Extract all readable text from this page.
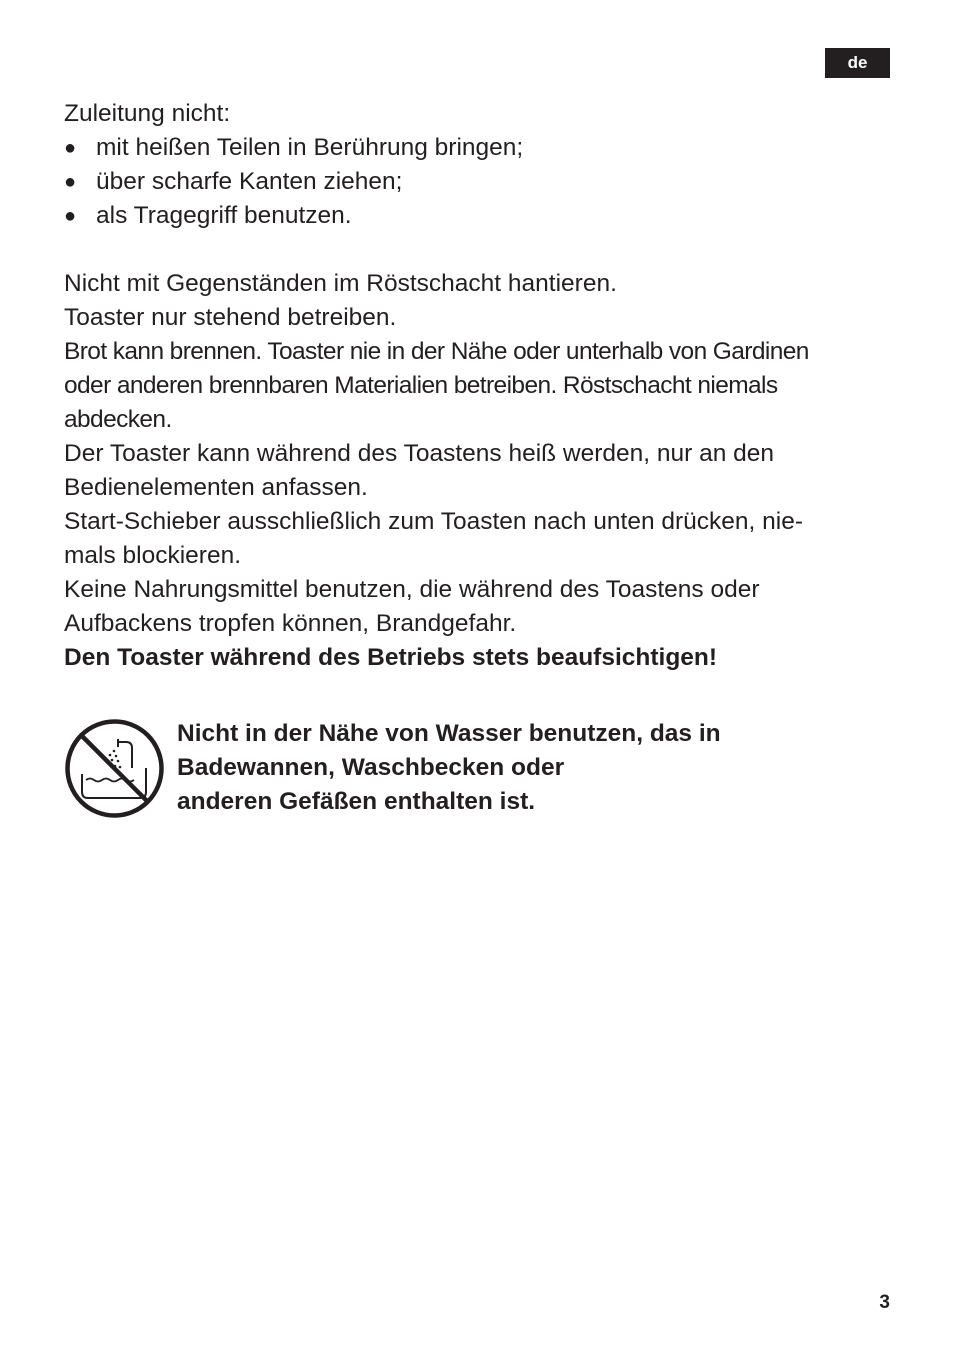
de
Zuleitung nicht:
● mit heißen Teilen in Berührung bringen;
● über scharfe Kanten ziehen;
● als Tragegriff benutzen.
Nicht mit Gegenständen im Röstschacht hantieren.
Toaster nur stehend betreiben.
Brot kann brennen. Toaster nie in der Nähe oder unterhalb von Gardinen
oder anderen brennbaren Materialien betreiben. Röstschacht niemals
abdecken.
Der Toaster kann während des Toastens heiß werden, nur an den
Bedienelementen anfassen.
Start-Schieber ausschließlich zum Toasten nach unten drücken, nie-
mals blockieren.
Keine Nahrungsmittel benutzen, die während des Toastens oder
Aufbackens tropfen können, Brandgefahr.
Den Toaster während des Betriebs stets beaufsichtigen!
Nicht in der Nähe von Wasser benutzen, das in
Badewannen, Waschbecken oder
anderen Gefäßen enthalten ist.
3
